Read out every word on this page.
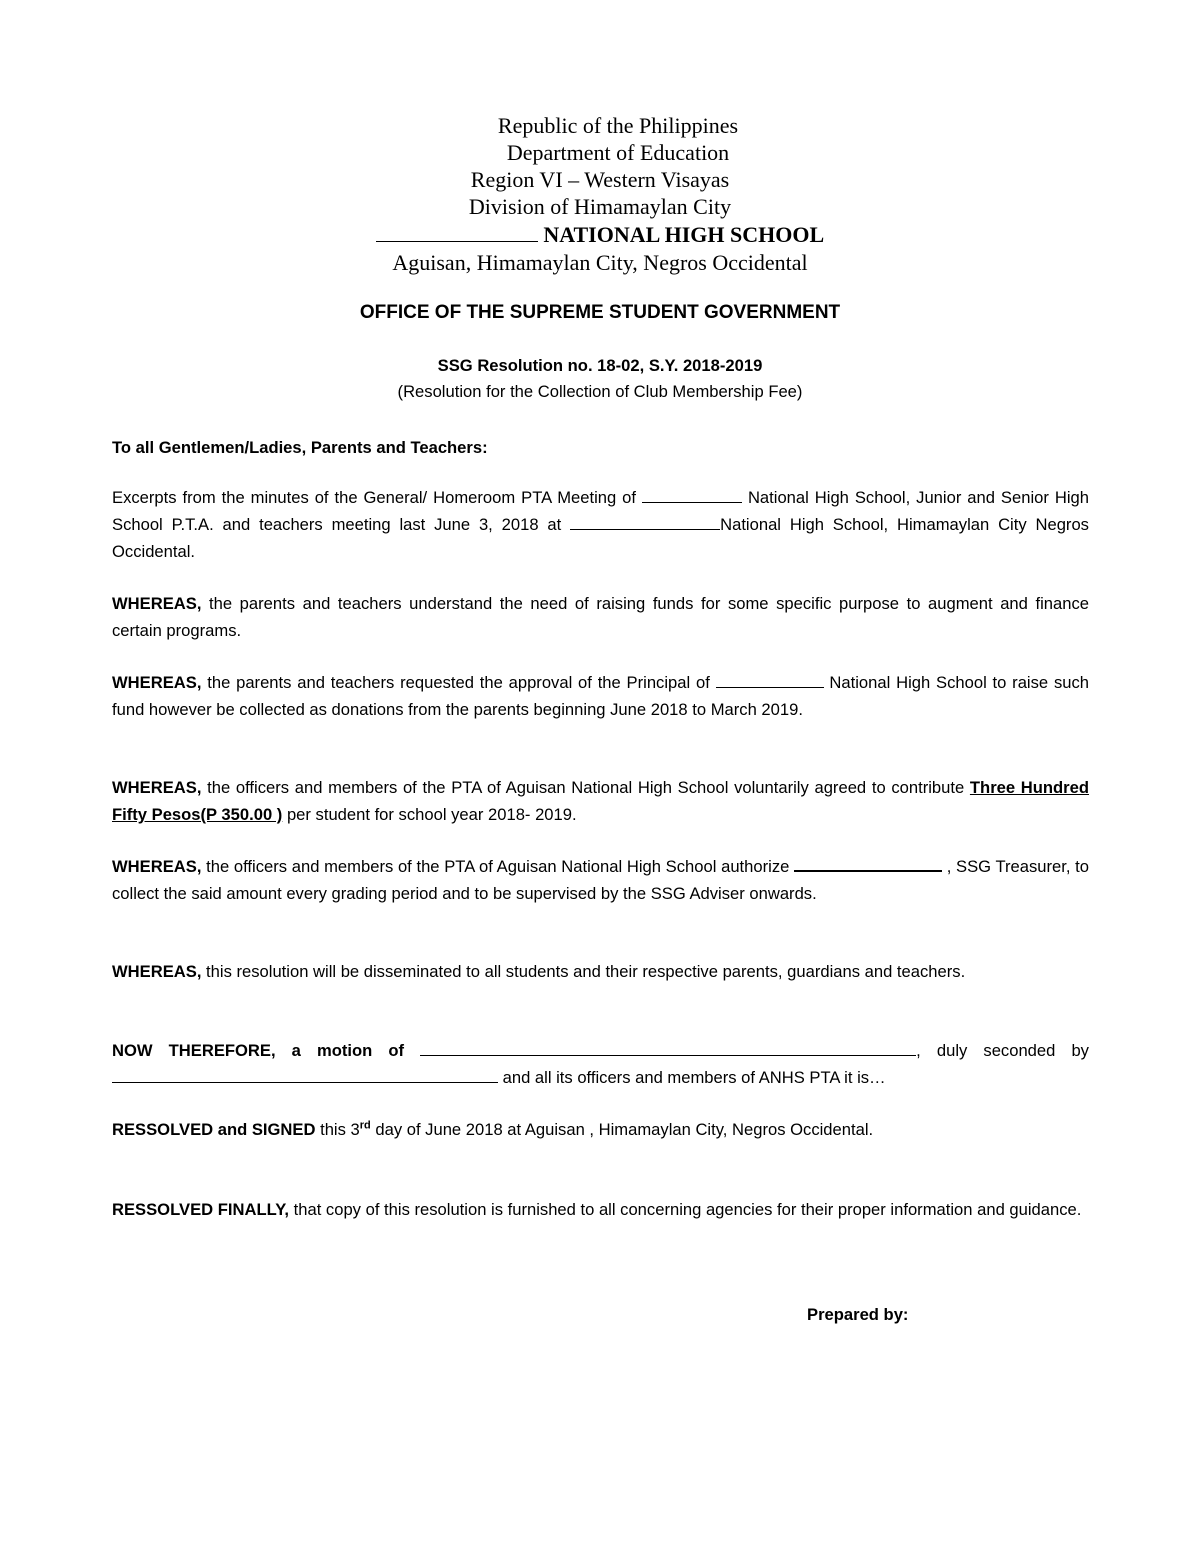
Republic of the Philippines
Department of Education
Region VI – Western Visayas
Division of Himamaylan City
NATIONAL HIGH SCHOOL
Aguisan, Himamaylan City, Negros Occidental
OFFICE OF THE SUPREME STUDENT GOVERNMENT
SSG Resolution no. 18-02, S.Y. 2018-2019
(Resolution for the Collection of Club Membership Fee)
To all Gentlemen/Ladies, Parents and Teachers:

Excerpts from the minutes of the General/ Homeroom PTA Meeting of	National High School, Junior and Senior High School P.T.A. and teachers meeting last June 3, 2018 at	National High School, Himamaylan City Negros Occidental.

WHEREAS, the parents and teachers understand the need of raising funds for some specific purpose to augment and finance certain programs.

WHEREAS, the parents and teachers requested the approval of the Principal of	National High School to raise such fund however be collected as donations from the parents beginning June 2018 to March 2019.

WHEREAS, the officers and members of the PTA of Aguisan National High School voluntarily agreed to contribute Three Hundred Fifty Pesos(P 350.00 ) per student for school year 2018- 2019.

WHEREAS, the officers and members of the PTA of Aguisan National High School authorize	, SSG Treasurer, to collect the said amount every grading period and to be supervised by the SSG Adviser onwards.

WHEREAS, this resolution will be disseminated to all students and their respective parents, guardians and teachers.

NOW THEREFORE, a motion of	, duly seconded by  and all its officers and members of ANHS PTA it is…

RESSOLVED and SIGNED this 3rd day of June 2018 at Aguisan , Himamaylan City, Negros Occidental.

RESSOLVED FINALLY, that copy of this resolution is furnished to all concerning agencies for their proper information and guidance.

Prepared by:
